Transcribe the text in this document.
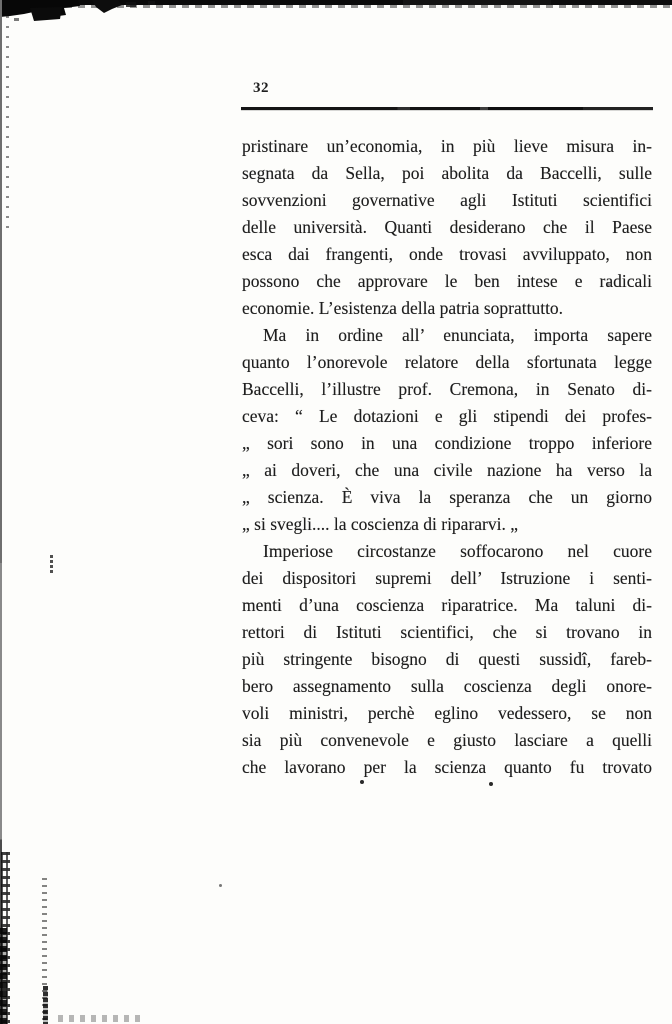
32

pristinare un’economia, in più lieve misura in-

segnata da Sella, poi abolita da Baccelli, sulle

sovvenzioni governative agli Istituti scientifici

delle università. Quanti desiderano che il Paese

esca dai frangenti, onde trovasi avviluppato, non

possono che approvare le ben intese e radicali

economie. L’esistenza della patria soprattutto.

Ma in ordine all’ enunciata, importa sapere

quanto l’onorevole relatore della sfortunata legge

Baccelli, l’illustre prof. Cremona, in Senato di-

ceva: “ Le dotazioni e gli stipendi dei profes-

„ sori sono in una condizione troppo inferiore

„ ai doveri, che una civile nazione ha verso la

„ scienza. È viva la speranza che un giorno

„ si svegli.... la coscienza di ripararvi. „

Imperiose circostanze soffocarono nel cuore

dei dispositori supremi dell’ Istruzione i senti-

menti d’una coscienza riparatrice. Ma taluni di-

rettori di Istituti scientifici, che si trovano in

più stringente bisogno di questi sussidî, fareb-

bero assegnamento sulla coscienza degli onore-

voli ministri, perchè eglino vedessero, se non

sia più convenevole e giusto lasciare a quelli

che lavorano per la scienza quanto fu trovato
